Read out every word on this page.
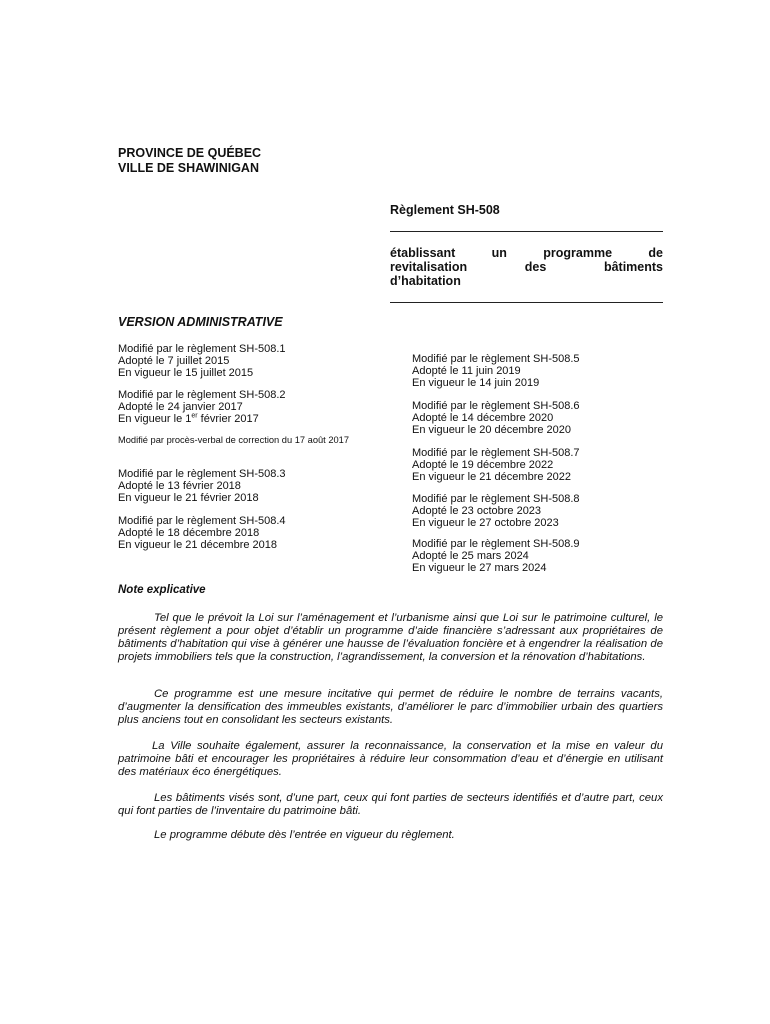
PROVINCE DE QUÉBEC
VILLE DE SHAWINIGAN
Règlement SH-508
établissant un programme de
revitalisation des bâtiments
d’habitation
VERSION ADMINISTRATIVE
Modifié par le règlement SH-508.1
Adopté le 7 juillet 2015
En vigueur le 15 juillet 2015
Modifié par le règlement SH-508.2
Adopté le 24 janvier 2017
En vigueur le 1er février 2017
Modifié par procès-verbal de correction du 17 août 2017
Modifié par le règlement SH-508.3
Adopté le 13 février 2018
En vigueur le 21 février 2018
Modifié par le règlement SH-508.4
Adopté le 18 décembre 2018
En vigueur le 21 décembre 2018
Modifié par le règlement SH-508.5
Adopté le 11 juin 2019
En vigueur le 14 juin 2019
Modifié par le règlement SH-508.6
Adopté le 14 décembre 2020
En vigueur le 20 décembre 2020
Modifié par le règlement SH-508.7
Adopté le 19 décembre 2022
En vigueur le 21 décembre 2022
Modifié par le règlement SH-508.8
Adopté le 23 octobre 2023
En vigueur le 27 octobre 2023
Modifié par le règlement SH-508.9
Adopté le 25 mars 2024
En vigueur le 27 mars 2024
Note explicative
Tel que le prévoit la Loi sur l’aménagement et l’urbanisme ainsi que Loi sur le patrimoine culturel, le présent règlement a pour objet d’établir un programme d’aide financière s’adressant aux propriétaires de bâtiments d’habitation qui vise à générer une hausse de l’évaluation foncière et à engendrer la réalisation de projets immobiliers tels que la construction, l’agrandissement, la conversion et la rénovation d’habitations.
Ce programme est une mesure incitative qui permet de réduire le nombre de terrains vacants, d’augmenter la densification des immeubles existants, d’améliorer le parc d’immobilier urbain des quartiers plus anciens tout en consolidant les secteurs existants.
La Ville souhaite également, assurer la reconnaissance, la conservation et la mise en valeur du patrimoine bâti et encourager les propriétaires à réduire leur consommation d’eau et d’énergie en utilisant des matériaux éco énergétiques.
Les bâtiments visés sont, d’une part, ceux qui font parties de secteurs identifiés et d’autre part, ceux qui font parties de l’inventaire du patrimoine bâti.
Le programme débute dès l’entrée en vigueur du règlement.
